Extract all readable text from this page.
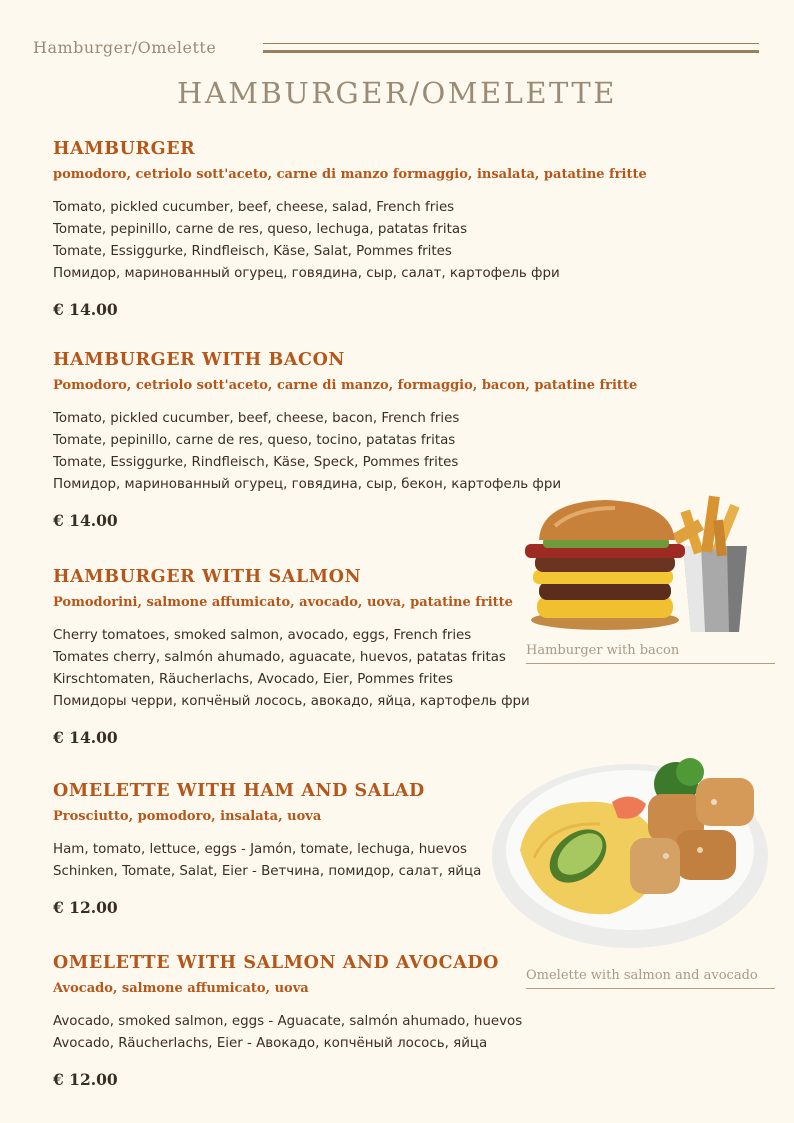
Hamburger/Omelette
HAMBURGER/OMELETTE
HAMBURGER
pomodoro, cetriolo sott'aceto, carne di manzo formaggio, insalata, patatine fritte
Tomato, pickled cucumber, beef, cheese, salad, French fries
Tomate, pepinillo, carne de res, queso, lechuga, patatas fritas
Tomate, Essiggurke, Rindfleisch, Käse, Salat, Pommes frites
Помидор, маринованный огурец, говядина, сыр, салат, картофель фри
€ 14.00
HAMBURGER WITH BACON
Pomodoro, cetriolo sott'aceto, carne di manzo, formaggio, bacon, patatine fritte
Tomato, pickled cucumber, beef, cheese, bacon, French fries
Tomate, pepinillo, carne de res, queso, tocino, patatas fritas
Tomate, Essiggurke, Rindfleisch, Käse, Speck, Pommes frites
Помидор, маринованный огурец, говядина, сыр, бекон, картофель фри
€ 14.00
HAMBURGER WITH SALMON
Pomodorini, salmone affumicato, avocado, uova, patatine fritte
Cherry tomatoes, smoked salmon, avocado, eggs, French fries
Tomates cherry, salmón ahumado, aguacate, huevos, patatas fritas
Kirschtomaten, Räucherlachs, Avocado, Eier, Pommes frites
Помидоры черри, копчёный лосось, авокадо, яйца, картофель фри
€ 14.00
OMELETTE WITH HAM AND SALAD
Prosciutto, pomodoro, insalata, uova
Ham, tomato, lettuce, eggs - Jamón, tomate, lechuga, huevos
Schinken, Tomate, Salat, Eier - Ветчина, помидор, салат, яйца
€ 12.00
OMELETTE WITH SALMON AND AVOCADO
Avocado, salmone affumicato, uova
Avocado, smoked salmon, eggs - Aguacate, salmón ahumado, huevos
Avocado, Räucherlachs, Eier - Авокадо, копчёный лосось, яйца
€ 12.00
Hamburger with bacon
Omelette with salmon and avocado
